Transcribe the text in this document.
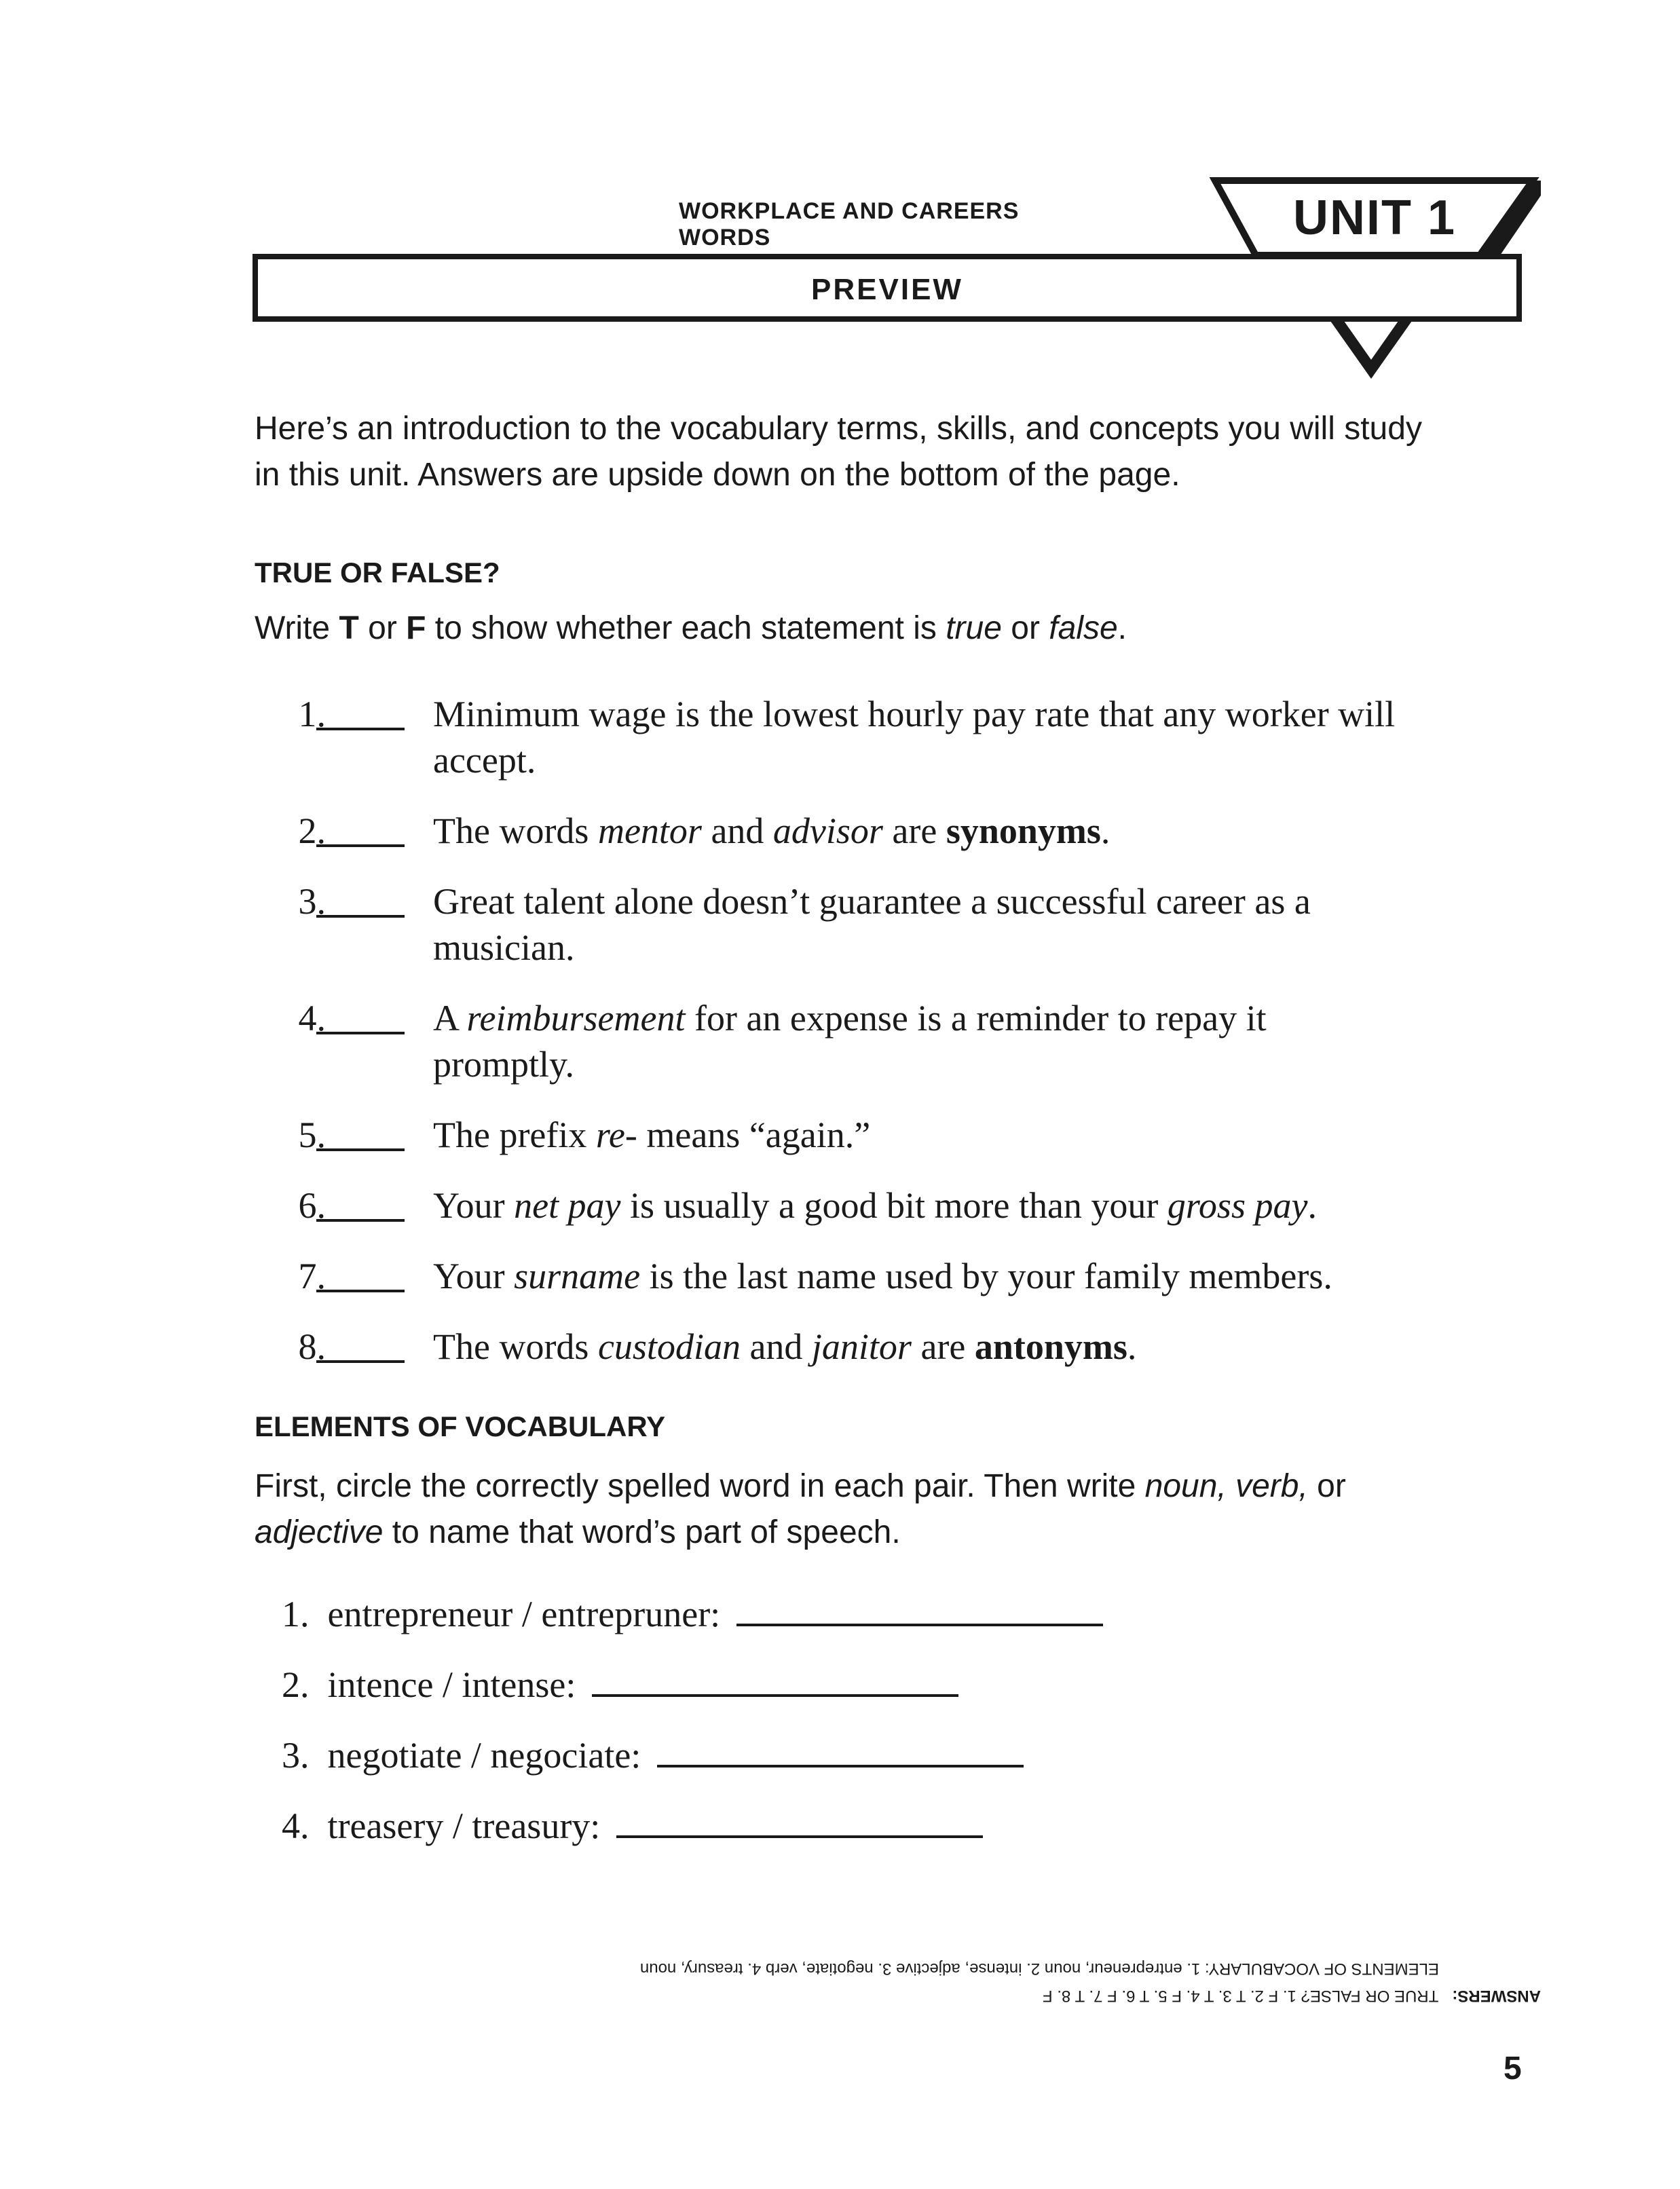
WORKPLACE AND CAREERS WORDS	UNIT 1
PREVIEW
Here’s an introduction to the vocabulary terms, skills, and concepts you will study in this unit. Answers are upside down on the bottom of the page.
TRUE OR FALSE?
Write T or F to show whether each statement is true or false.
1.	Minimum wage is the lowest hourly pay rate that any worker will accept.
2.	The words mentor and advisor are synonyms.
3.	Great talent alone doesn’t guarantee a successful career as a musician.
4.	A reimbursement for an expense is a reminder to repay it promptly.
5.	The prefix re- means “again.”
6.	Your net pay is usually a good bit more than your gross pay.
7.	Your surname is the last name used by your family members.
8.	The words custodian and janitor are antonyms.
ELEMENTS OF VOCABULARY
First, circle the correctly spelled word in each pair. Then write noun, verb, or adjective to name that word’s part of speech.
1. entrepreneur / entrepruner:
2. intence / intense:
3. negotiate / negociate:
4. treasery / treasury:
ANSWERS:   TRUE OR FALSE? 1. F 2. T 3. T 4. F 5. T 6. F 7. T 8. F
ELEMENTS OF VOCABULARY: 1. entrepreneur, noun 2. intense, adjective 3. negotiate, verb 4. treasury, noun
5
